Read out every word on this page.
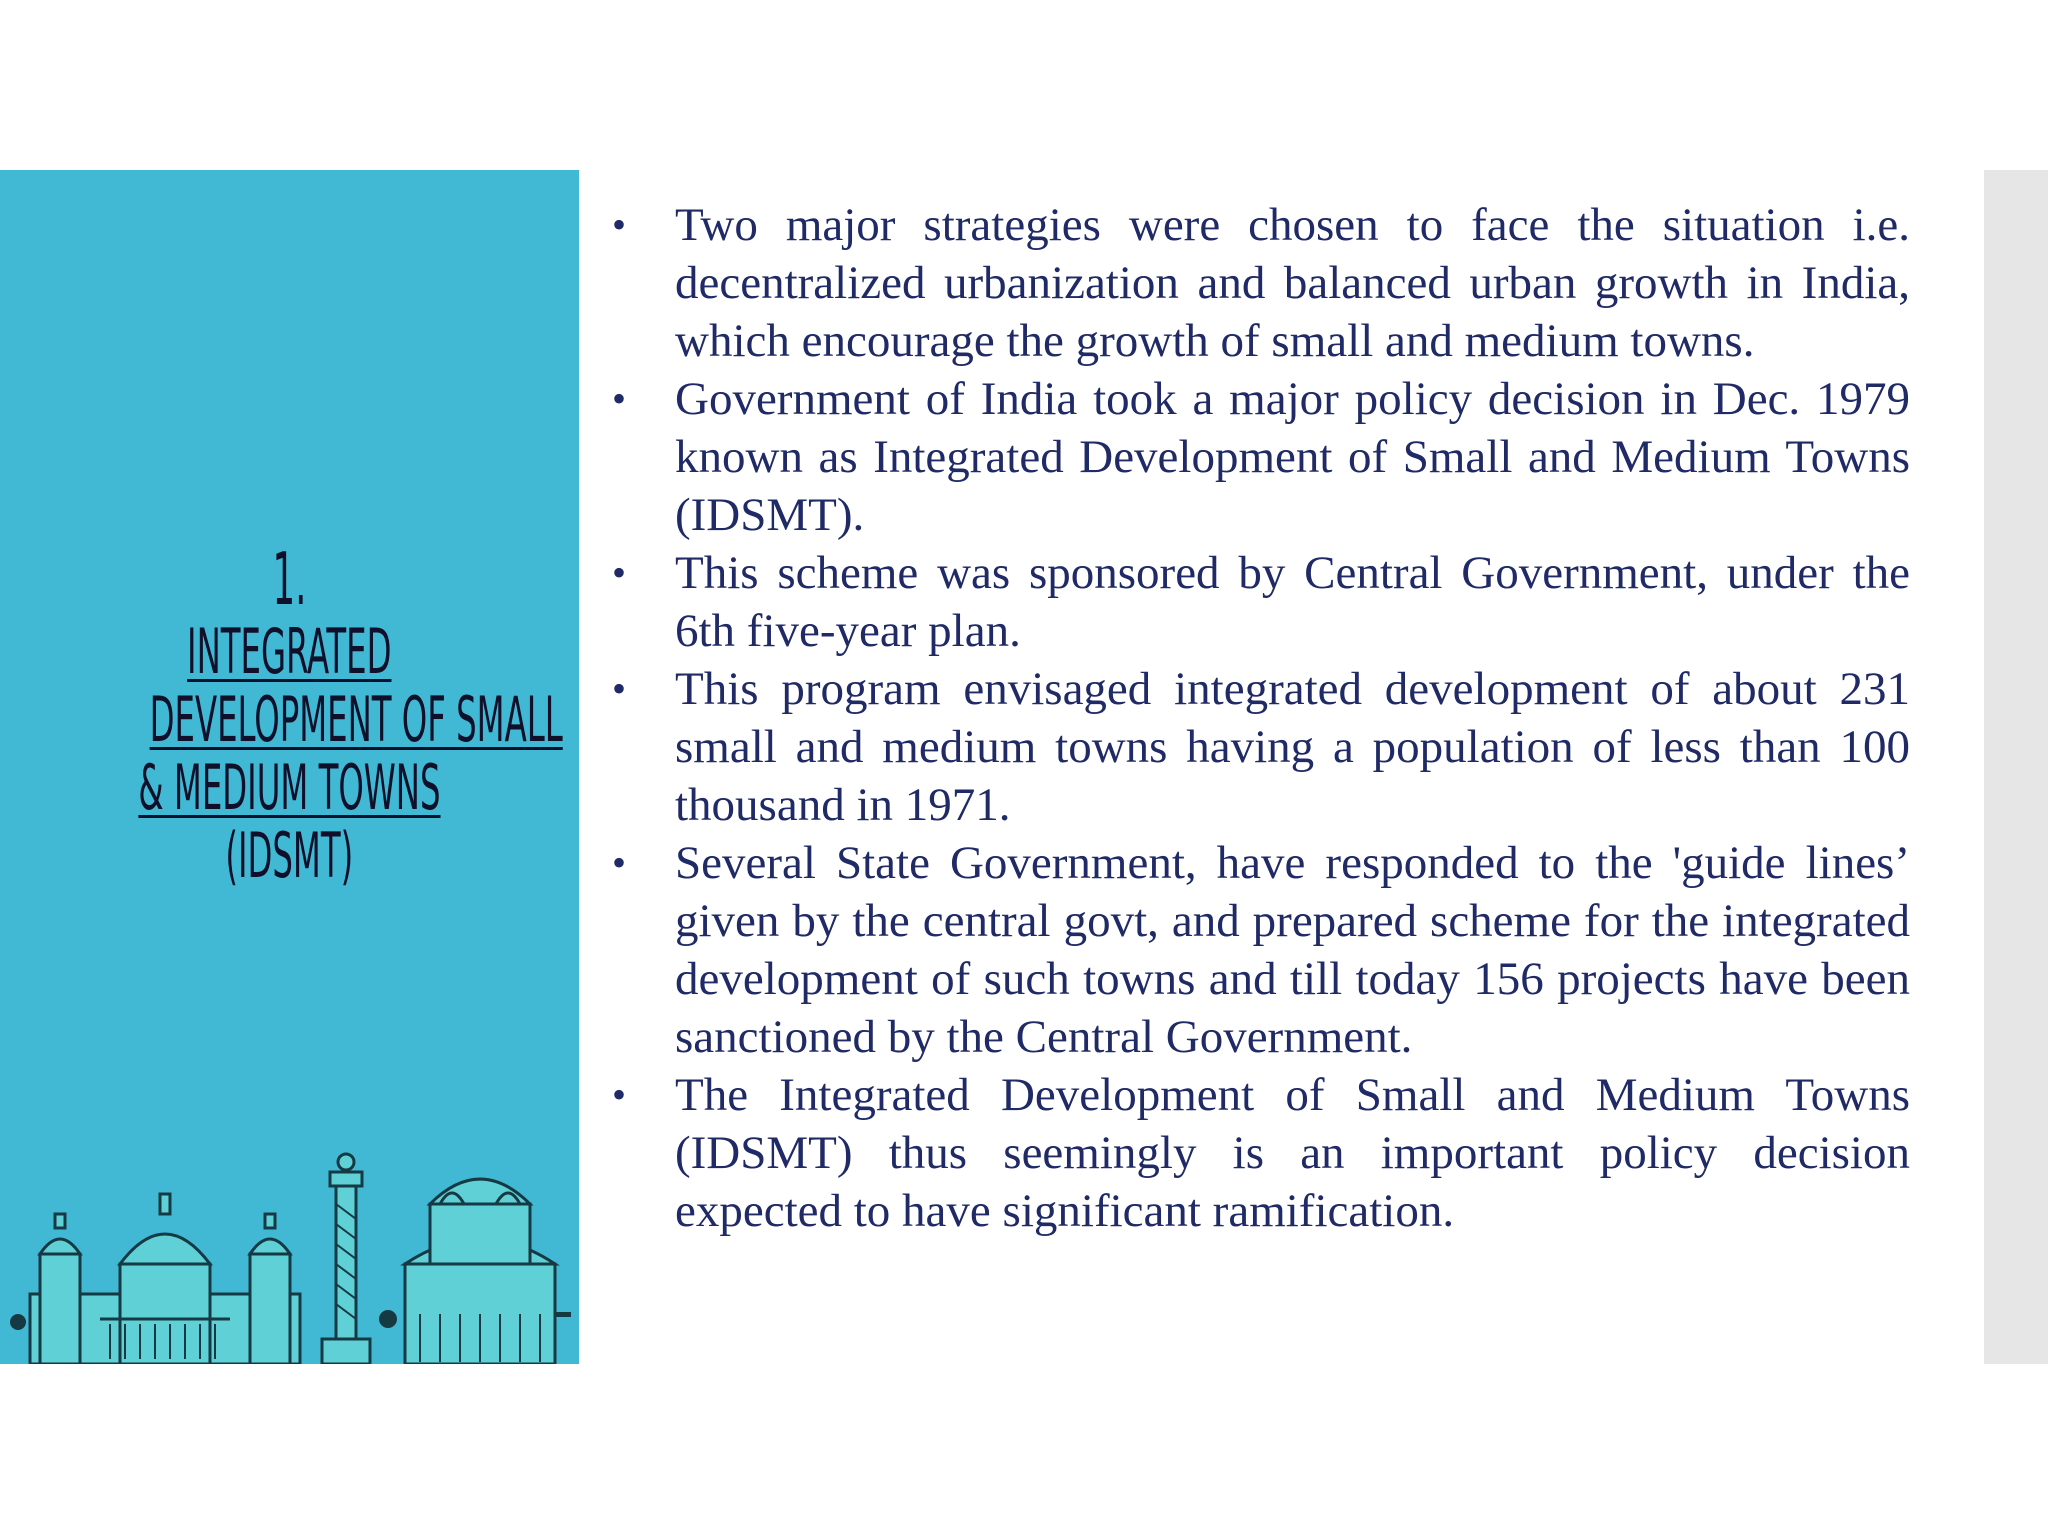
1.
INTEGRATED
DEVELOPMENT OF SMALL
& MEDIUM TOWNS
(IDSMT)
• Two major strategies were chosen to face the situation i.e. decentralized urbanization and balanced urban growth in India, which encourage the growth of small and medium towns.
• Government of India took a major policy decision in Dec. 1979 known as Integrated Development of Small and Medium Towns (IDSMT).
• This scheme was sponsored by Central Government, under the 6th five-year plan.
• This program envisaged integrated development of about 231 small and medium towns having a population of less than 100 thousand in 1971.
• Several State Government, have responded to the 'guide lines’ given by the central govt, and prepared scheme for the integrated development of such towns and till today 156 projects have been sanctioned by the Central Government.
• The Integrated Development of Small and Medium Towns (IDSMT) thus seemingly is an important policy decision expected to have significant ramification.
